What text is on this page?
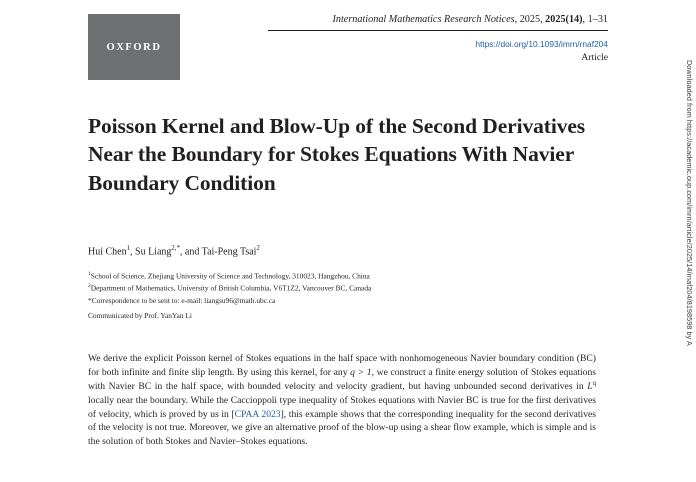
OXFORD
International Mathematics Research Notices, 2025, 2025(14), 1–31
https://doi.org/10.1093/imrn/rnaf204
Article
Poisson Kernel and Blow-Up of the Second Derivatives Near the Boundary for Stokes Equations With Navier Boundary Condition
Hui Chen$^1$, Su Liang$^{2,*}$, and Tai-Peng Tsai$^2$
$^1$School of Science, Zhejiang University of Science and Technology, 310023, Hangzhou, China
$^2$Department of Mathematics, University of British Columbia, V6T1Z2, Vancouver BC, Canada
*Correspondence to be sent to: e-mail: liangsu96@math.ubc.ca
Communicated by Prof. YanYan Li
We derive the explicit Poisson kernel of Stokes equations in the half space with nonhomogeneous Navier boundary condition (BC) for both infinite and finite slip length. By using this kernel, for any q > 1, we construct a finite energy solution of Stokes equations with Navier BC in the half space, with bounded velocity and velocity gradient, but having unbounded second derivatives in $L^q$ locally near the boundary. While the Caccioppoli type inequality of Stokes equations with Navier BC is true for the first derivatives of velocity, which is proved by us in [CPAA 2023], this example shows that the corresponding inequality for the second derivatives of the velocity is not true. Moreover, we give an alternative proof of the blow-up using a shear flow example, which is simple and is the solution of both Stokes and Navier–Stokes equations.
Downloaded from https://academic.oup.com/imrn/article/2025/14/rnaf204/8198598 by A
